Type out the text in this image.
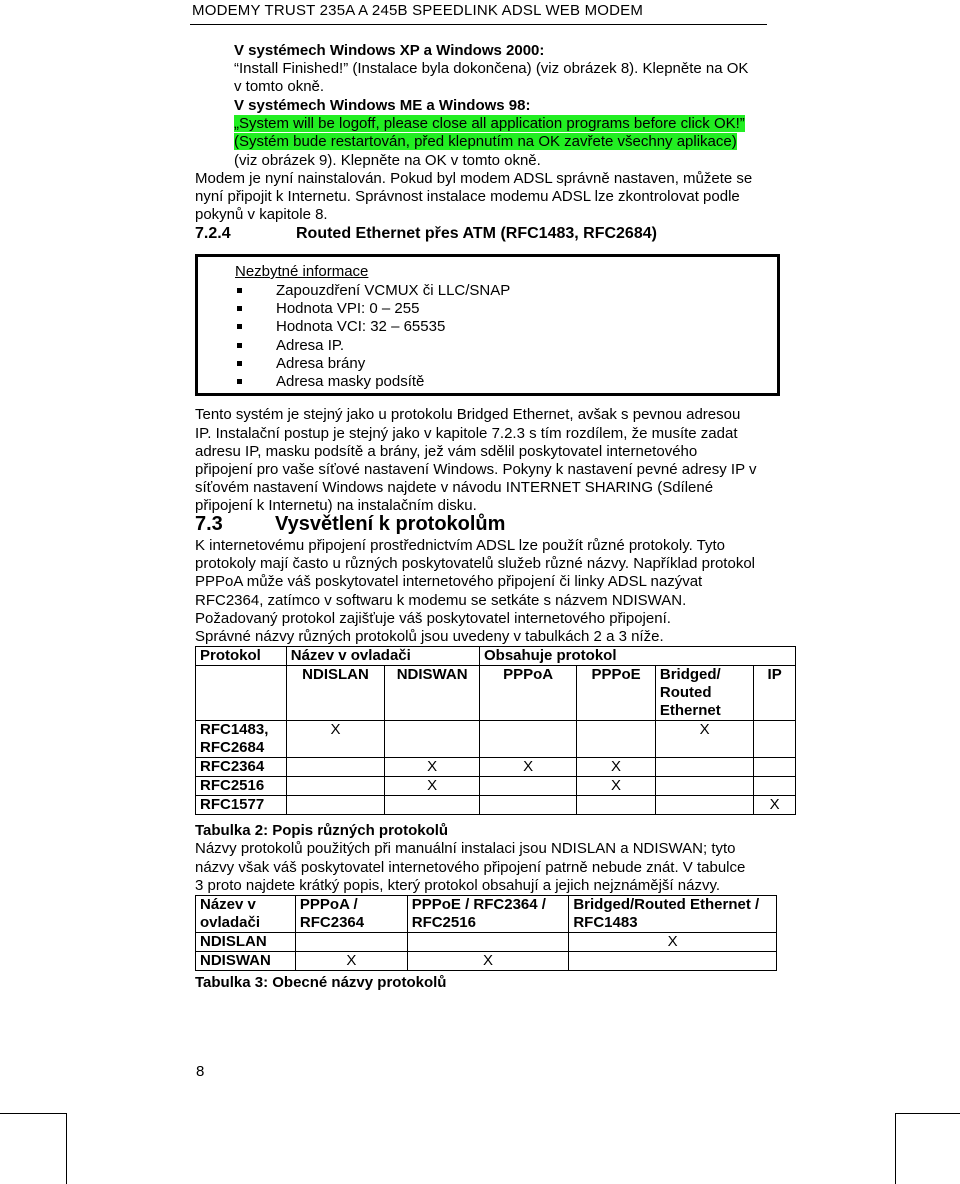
MODEMY TRUST 235A A 245B SPEEDLINK ADSL WEB MODEM
V systémech Windows XP a Windows 2000:
“Install Finished!” (Instalace byla dokončena) (viz obrázek 8). Klepněte na OK
v tomto okně.
V systémech Windows ME a Windows 98:
„System will be logoff, please close all application programs before click OK!”
(Systém bude restartován, před klepnutím na OK zavřete všechny aplikace)
(viz obrázek 9). Klepněte na OK v tomto okně.
Modem je nyní nainstalován. Pokud byl modem ADSL správně nastaven, můžete se
nyní připojit k Internetu. Správnost instalace modemu ADSL lze zkontrolovat podle
pokynů v kapitole 8.
7.2.4	Routed Ethernet přes ATM (RFC1483, RFC2684)
Nezbytné informace
Zapouzdření VCMUX či LLC/SNAP
Hodnota VPI: 0 – 255
Hodnota VCI: 32 – 65535
Adresa IP.
Adresa brány
Adresa masky podsítě
Tento systém je stejný jako u protokolu Bridged Ethernet, avšak s pevnou adresou
IP. Instalační postup je stejný jako v kapitole 7.2.3 s tím rozdílem, že musíte zadat
adresu IP, masku podsítě a brány, jež vám sdělil poskytovatel internetového
připojení pro vaše síťové nastavení Windows. Pokyny k nastavení pevné adresy IP v
síťovém nastavení Windows najdete v návodu INTERNET SHARING (Sdílené
připojení k Internetu) na instalačním disku.
7.3	Vysvětlení k protokolům
K internetovému připojení prostřednictvím ADSL lze použít různé protokoly. Tyto
protokoly mají často u různých poskytovatelů služeb různé názvy. Například protokol
PPPoA může váš poskytovatel internetového připojení či linky ADSL nazývat
RFC2364, zatímco v softwaru k modemu se setkáte s názvem NDISWAN.
Požadovaný protokol zajišťuje váš poskytovatel internetového připojení.
Správné názvy různých protokolů jsou uvedeny v tabulkách 2 a 3 níže.
Protokol	Název v ovladači		Obsahuje protokol			
	NDISLAN	NDISWAN	PPPoA	PPPoE	Bridged/ Routed Ethernet	IP
RFC1483, RFC2684	X				X	
RFC2364		X	X	X		
RFC2516		X		X		
RFC1577						X
Tabulka 2: Popis různých protokolů
Názvy protokolů použitých při manuální instalaci jsou NDISLAN a NDISWAN; tyto
názvy však váš poskytovatel internetového připojení patrně nebude znát. V tabulce
3 proto najdete krátký popis, který protokol obsahují a jejich nejznámější názvy.
Název v ovladači	PPPoA / RFC2364	PPPoE / RFC2364 / RFC2516	Bridged/Routed Ethernet / RFC1483
NDISLAN			X
NDISWAN	X	X	
Tabulka 3: Obecné názvy protokolů
8
